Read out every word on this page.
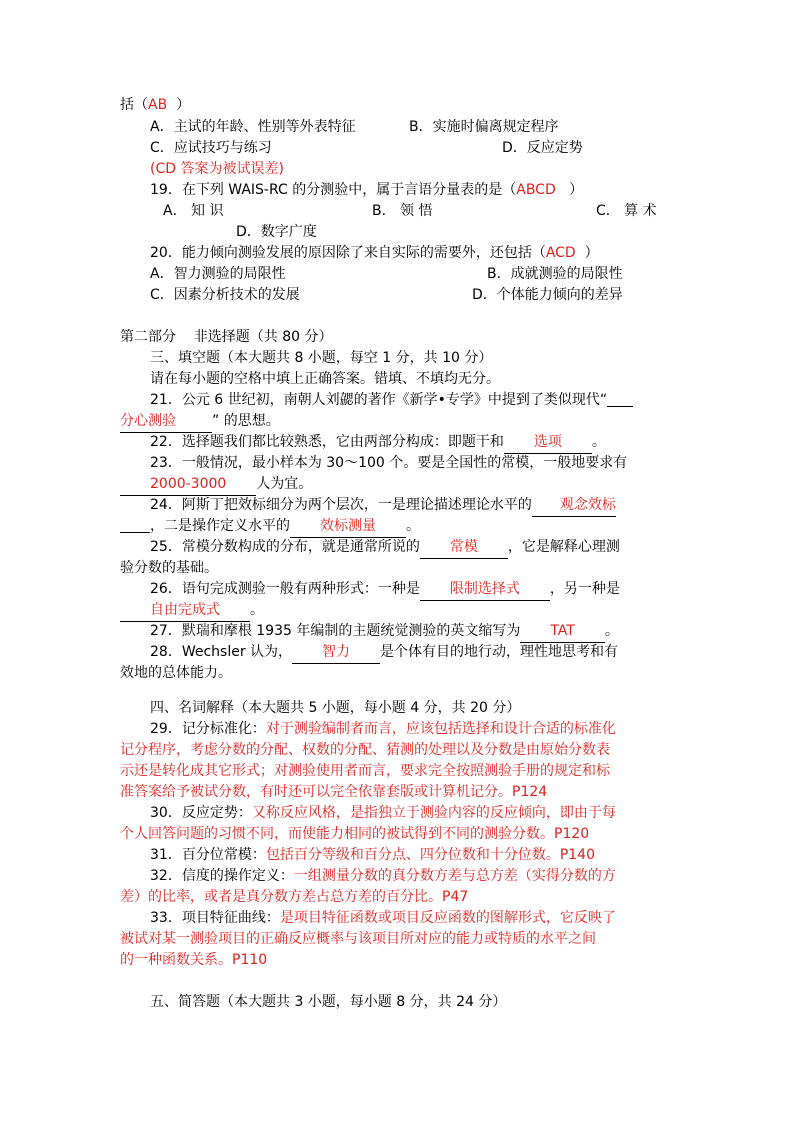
括（AB  ）
A．主试的年龄、性别等外表特征	B．实施时偏离规定程序
C．应试技巧与练习	D．反应定势
(CD 答案为被试误差)
19．在下列 WAIS-RC 的分测验中，属于言语分量表的是（ABCD   ）
A． 知 识	B． 领 悟	C． 算 术
D．数字广度
20．能力倾向测验发展的原因除了来自实际的需要外，还包括（ACD  ）
A．智力测验的局限性	B．成就测验的局限性
C．因素分析技术的发展	D．个体能力倾向的差异
第二部分    非选择题（共 80 分）
三、填空题（本大题共 8 小题，每空 1 分，共 10 分）
请在每小题的空格中填上正确答案。错填、不填均无分。
21．公元 6 世纪初，南朝人刘勰的著作《新学•专学》中提到了类似现代“
分心测验	” 的思想。
22．选择题我们都比较熟悉，它由两部分构成：即题干和 选项 。
23．一般情况，最小样本为 30～100 个。要是全国性的常模，一般地要求有
2000-3000 人为宜。
24．阿斯丁把效标细分为两个层次，一是理论描述理论水平的 观念效标
，二是操作定义水平的 效标测量 。
25．常模分数构成的分布，就是通常所说的 常模 ，它是解释心理测
验分数的基础。
26．语句完成测验一般有两种形式：一种是 限制选择式 ，另一种是
自由完成式 。
27．默瑞和摩根 1935 年编制的主题统觉测验的英文缩写为 TAT 。
28．Wechsler 认为， 智力 是个体有目的地行动，理性地思考和有
效地的总体能力。
四、名词解释（本大题共 5 小题，每小题 4 分，共 20 分）
29．记分标准化：对于测验编制者而言，应该包括选择和设计合适的标准化
记分程序，考虑分数的分配、权数的分配、猜测的处理以及分数是由原始分数表
示还是转化成其它形式；对测验使用者而言，要求完全按照测验手册的规定和标
准答案给予被试分数，有时还可以完全依靠套版或计算机记分。P124
30．反应定势：又称反应风格，是指独立于测验内容的反应倾向，即由于每
个人回答问题的习惯不同，而使能力相同的被试得到不同的测验分数。P120
31．百分位常模：包括百分等级和百分点、四分位数和十分位数。P140
32．信度的操作定义：一组测量分数的真分数方差与总方差（实得分数的方
差）的比率，或者是真分数方差占总方差的百分比。P47
33．项目特征曲线：是项目特征函数或项目反应函数的图解形式，它反映了
被试对某一测验项目的正确反应概率与该项目所对应的能力或特质的水平之间
的一种函数关系。P110
五、简答题（本大题共 3 小题，每小题 8 分，共 24 分）
